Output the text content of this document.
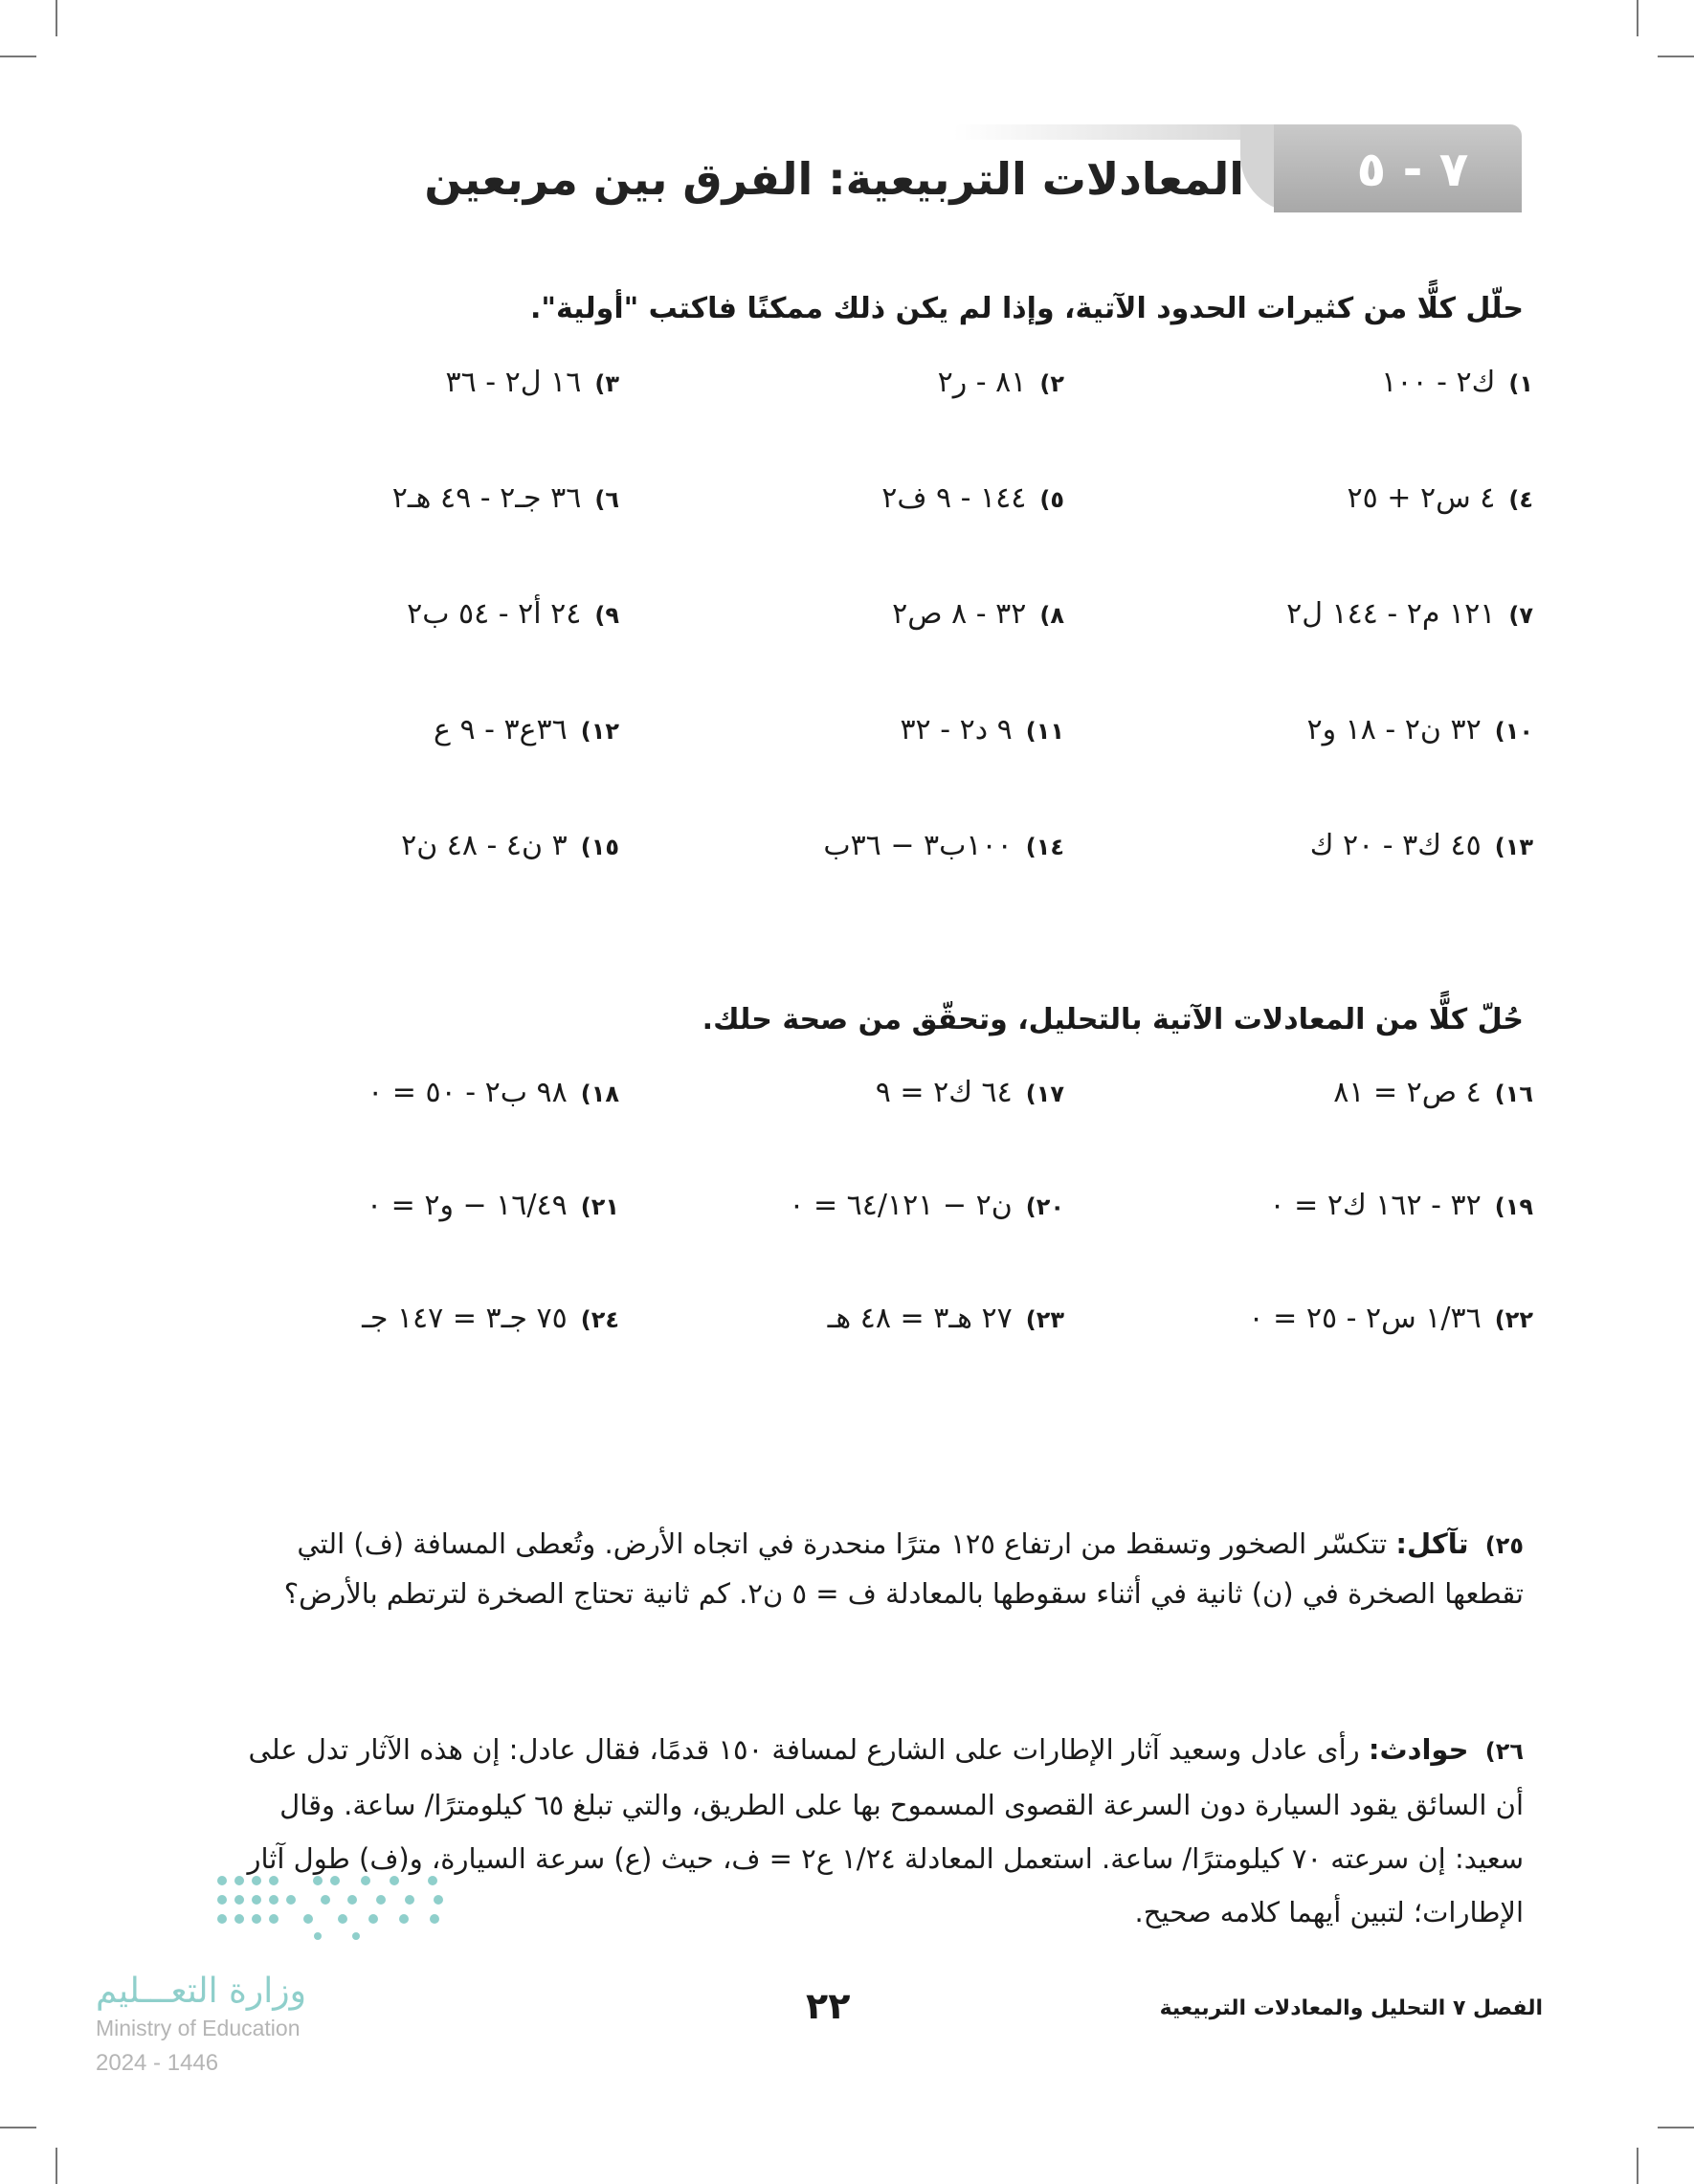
٧ - ٥
المعادلات التربيعية: الفرق بين مربعين
حلّل كلًّا من كثيرات الحدود الآتية، وإذا لم يكن ذلك ممكنًا فاكتب "أولية".
١)ك٢ - ١٠٠
٢)٨١ - ر٢
٣)١٦ ل٢ - ٣٦
٤)٤ س٢ + ٢٥
٥)١٤٤ - ٩ ف٢
٦)٣٦ جـ٢ - ٤٩ هـ٢
٧)١٢١ م٢ - ١٤٤ ل٢
٨)٣٢ - ٨ ص٢
٩)٢٤ أ٢ - ٥٤ ب٢
١٠)٣٢ ن٢ - ١٨ و٢
١١)٩ د٢ - ٣٢
١٢)٣٦ع٣ - ٩ ع
١٣)٤٥ ك٣ - ٢٠ ك
١٤)١٠٠ب٣ − ٣٦ب
١٥)٣ ن٤ - ٤٨ ن٢
حُلّ كلًّا من المعادلات الآتية بالتحليل، وتحقّق من صحة حلك.
١٦)٤ ص٢ = ٨١
١٧)٦٤ ك٢ = ٩
١٨)٩٨ ب٢ - ٥٠ = ٠
١٩)٣٢ - ١٦٢ ك٢ = ٠
٢٠)ن٢ − ٦٤/١٢١ = ٠
٢١)١٦/٤٩ − و٢ = ٠
٢٢)١/٣٦ س٢ - ٢٥ = ٠
٢٣)٢٧ هـ٣ = ٤٨ هـ
٢٤)٧٥ جـ٣ = ١٤٧ جـ
٢٥) تآكل: تتكسّر الصخور وتسقط من ارتفاع ١٢٥ مترًا منحدرة في اتجاه الأرض. وتُعطى المسافة (ف) التي تقطعها الصخرة في (ن) ثانية في أثناء سقوطها بالمعادلة ف = ٥ ن٢. كم ثانية تحتاج الصخرة لترتطم بالأرض؟
٢٦) حوادث: رأى عادل وسعيد آثار الإطارات على الشارع لمسافة ١٥٠ قدمًا، فقال عادل: إن هذه الآثار تدل على أن السائق يقود السيارة دون السرعة القصوى المسموح بها على الطريق، والتي تبلغ ٦٥ كيلومترًا/ ساعة. وقال سعيد: إن سرعته ٧٠ كيلومترًا/ ساعة. استعمل المعادلة ١/٢٤ ع٢ = ف، حيث (ع) سرعة السيارة، و(ف) طول آثار الإطارات؛ لتبين أيهما كلامه صحيح.
وزارة التعـــليم
Ministry of Education
2024 - 1446
الفصل ٧ التحليل والمعادلات التربيعية
٢٢
